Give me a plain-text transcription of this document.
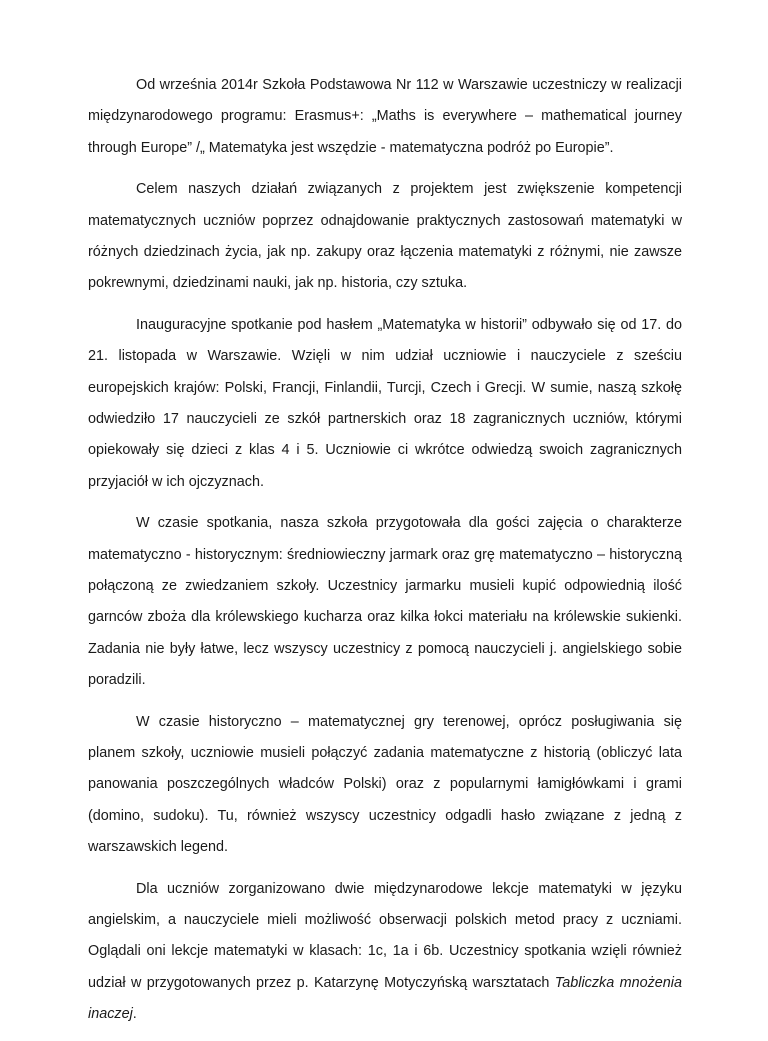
Od września 2014r Szkoła Podstawowa Nr 112 w Warszawie uczestniczy w realizacji międzynarodowego programu: Erasmus+: „Maths is everywhere – mathematical journey through Europe” /„ Matematyka jest wszędzie - matematyczna podróż po Europie”.

Celem naszych działań związanych z projektem jest zwiększenie kompetencji matematycznych uczniów poprzez odnajdowanie praktycznych zastosowań matematyki w różnych dziedzinach życia, jak np. zakupy oraz łączenia matematyki z różnymi, nie zawsze pokrewnymi, dziedzinami nauki, jak np. historia, czy sztuka.

Inauguracyjne spotkanie pod hasłem „Matematyka w historii” odbywało się od 17. do 21. listopada w Warszawie. Wzięli w nim udział uczniowie i nauczyciele z sześciu europejskich krajów: Polski, Francji, Finlandii, Turcji, Czech i Grecji. W sumie, naszą szkołę odwiedziło 17 nauczycieli ze szkół partnerskich oraz 18 zagranicznych uczniów, którymi opiekowały się dzieci z klas 4 i 5. Uczniowie ci wkrótce odwiedzą swoich zagranicznych przyjaciół w ich ojczyznach.

W czasie spotkania, nasza szkoła przygotowała dla gości zajęcia o charakterze matematyczno - historycznym: średniowieczny jarmark oraz grę matematyczno – historyczną połączoną ze zwiedzaniem szkoły. Uczestnicy jarmarku musieli kupić odpowiednią ilość garnców zboża dla królewskiego kucharza oraz kilka łokci materiału na królewskie sukienki. Zadania nie były łatwe, lecz wszyscy uczestnicy z pomocą nauczycieli j. angielskiego sobie poradzili.

W czasie historyczno – matematycznej gry terenowej, oprócz posługiwania się planem szkoły, uczniowie musieli połączyć zadania matematyczne z historią (obliczyć lata panowania poszczególnych władców Polski) oraz z popularnymi łamigłówkami i grami (domino, sudoku). Tu, również wszyscy uczestnicy odgadli hasło związane z jedną z warszawskich legend.

Dla uczniów zorganizowano dwie międzynarodowe lekcje matematyki w języku angielskim, a nauczyciele mieli możliwość obserwacji polskich metod pracy z uczniami. Oglądali oni lekcje matematyki w klasach: 1c, 1a i 6b. Uczestnicy spotkania wzięli również udział w przygotowanych przez p. Katarzynę Motyczyńską warsztatach Tabliczka mnożenia inaczej.
